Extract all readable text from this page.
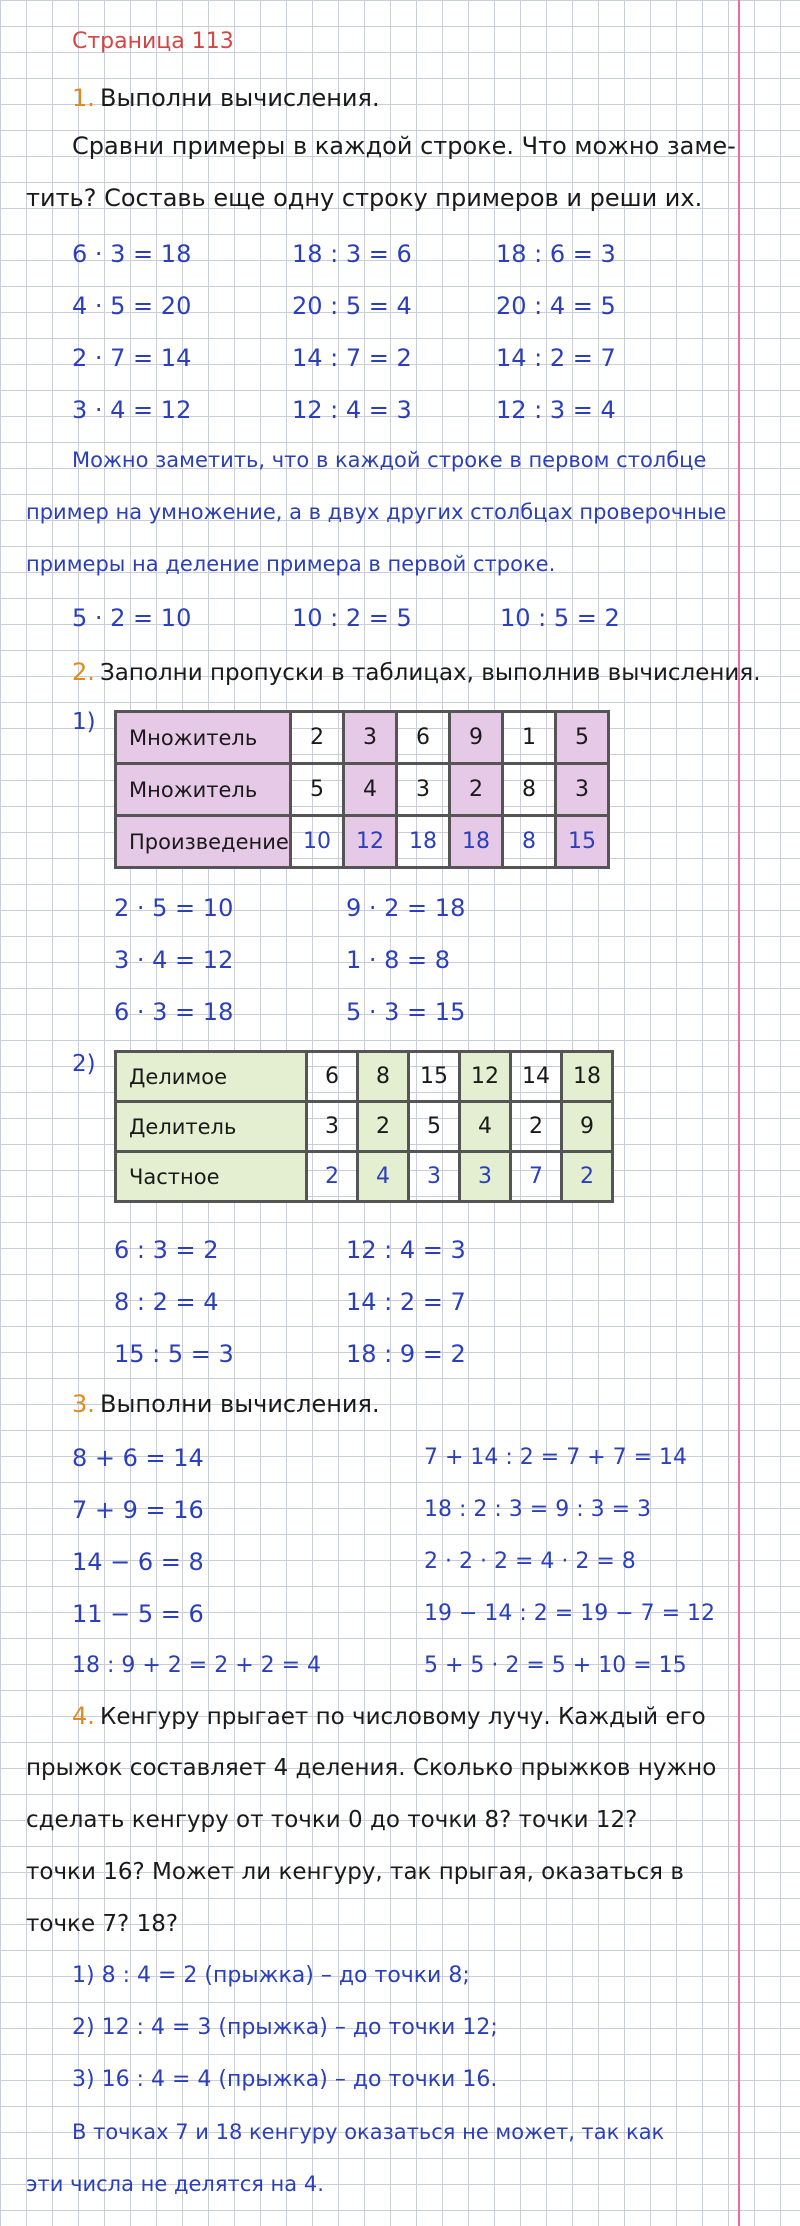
Страница 113
1. Выполни вычисления.
Сравни примеры в каждой строке. Что можно заме-
тить? Составь еще одну строку примеров и реши их.
6 · 3 = 18	18 : 3 = 6	18 : 6 = 3
4 · 5 = 20	20 : 5 = 4	20 : 4 = 5
2 · 7 = 14	14 : 7 = 2	14 : 2 = 7
3 · 4 = 12	12 : 4 = 3	12 : 3 = 4
Можно заметить, что в каждой строке в первом столбце
пример на умножение, а в двух других столбцах проверочные
примеры на деление примера в первой строке.
5 · 2 = 10	10 : 2 = 5	10 : 5 = 2
2. Заполни пропуски в таблицах, выполнив вычисления.
1)
Множитель	2	3	6	9	1	5
Множитель	5	4	3	2	8	3
Произведение	10	12	18	18	8	15
2 · 5 = 10	9 · 2 = 18
3 · 4 = 12	1 · 8 = 8
6 · 3 = 18	5 · 3 = 15
2) Делимое	6	8	15	12	14	18
Делитель	3	2	5	4	2	9
Частное	2	4	3	3	7	2
6 : 3 = 2	12 : 4 = 3
8 : 2 = 4	14 : 2 = 7
15 : 5 = 3	18 : 9 = 2
3. Выполни вычисления.
8 + 6 = 14	7 + 14 : 2 = 7 + 7 = 14
7 + 9 = 16	18 : 2 : 3 = 9 : 3 = 3
14 − 6 = 8	2 · 2 · 2 = 4 · 2 = 8
11 − 5 = 6	19 − 14 : 2 = 19 − 7 = 12
18 : 9 + 2 = 2 + 2 = 4	5 + 5 · 2 = 5 + 10 = 15
4. Кенгуру прыгает по числовому лучу. Каждый его
прыжок составляет 4 деления. Сколько прыжков нужно
сделать кенгуру от точки 0 до точки 8? точки 12?
точки 16? Может ли кенгуру, так прыгая, оказаться в
точке 7? 18?
1) 8 : 4 = 2 (прыжка) – до точки 8;
2) 12 : 4 = 3 (прыжка) – до точки 12;
3) 16 : 4 = 4 (прыжка) – до точки 16.
В точках 7 и 18 кенгуру оказаться не может, так как
эти числа не делятся на 4.
